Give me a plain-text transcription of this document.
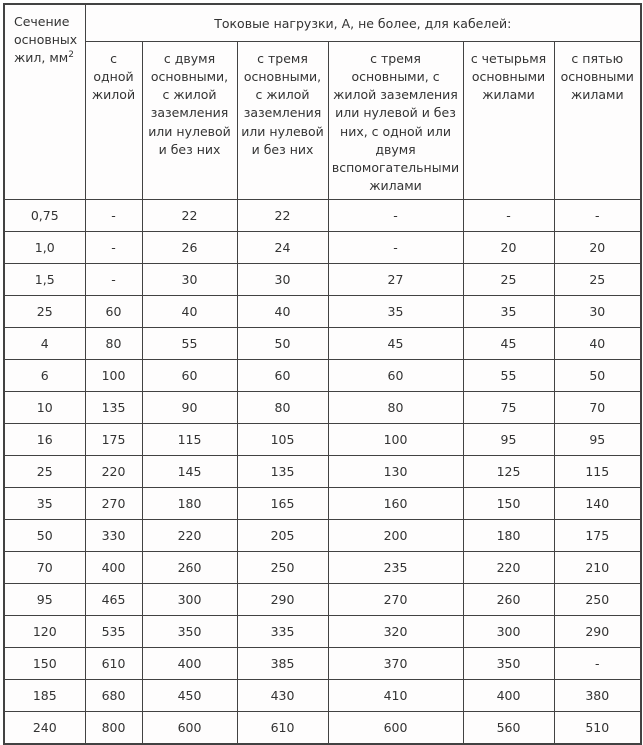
Сечение основных жил, $мм^2$	Токовые нагрузки, А, не более, для кабелей:					
	с одной жилой	с двумя основными, с жилой заземления или нулевой и без них	с тремя основными, с жилой заземления или нулевой и без них	с тремя основными, с жилой заземления или нулевой и без них, с одной или двумя вспомогательными жилами	с четырьмя основными жилами	с пятью основными жилами
0,75	-	22	22	-	-	-
1,0	-	26	24	-	20	20
1,5	-	30	30	27	25	25
25	60	40	40	35	35	30
4	80	55	50	45	45	40
6	100	60	60	60	55	50
10	135	90	80	80	75	70
16	175	115	105	100	95	95
25	220	145	135	130	125	115
35	270	180	165	160	150	140
50	330	220	205	200	180	175
70	400	260	250	235	220	210
95	465	300	290	270	260	250
120	535	350	335	320	300	290
150	610	400	385	370	350	-
185	680	450	430	410	400	380
240	800	600	610	600	560	510
